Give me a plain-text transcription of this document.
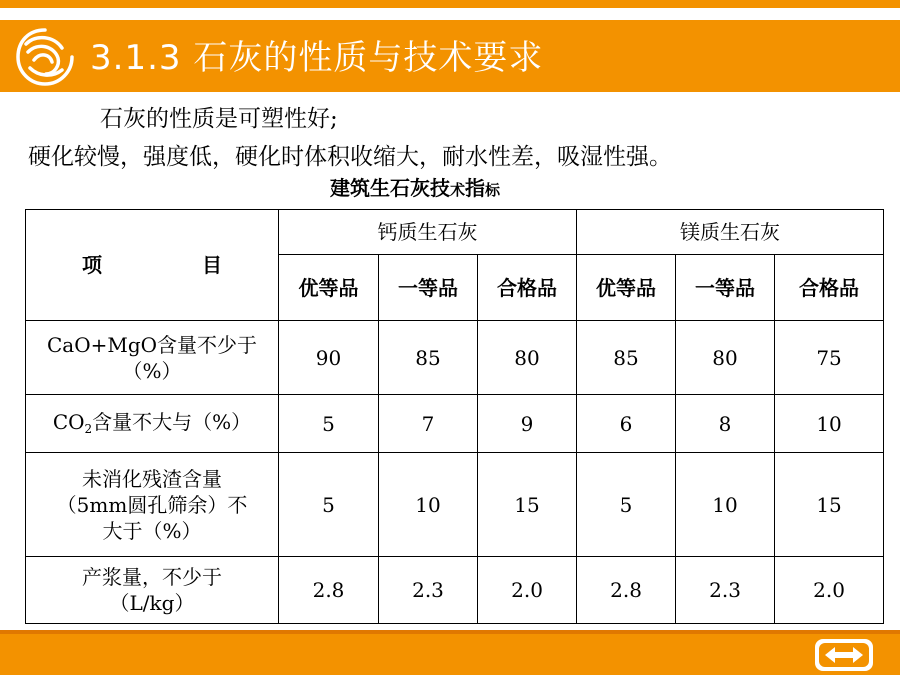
3.1.3 石灰的性质与技术要求
石灰的性质是可塑性好;
硬化较慢，强度低，硬化时体积收缩大，耐水性差，吸湿性强。
建筑生石灰技术指标
项 目	钙质生石灰			镁质生石灰		
	优等品	一等品	合格品	优等品	一等品	合格品

CaO+MgO含量不少于
（%）	90	85	80	85	80	75
$CO_2$含量不大与（%）	5	7	9	6	8	10

未消化残渣含量
（5mm圆孔筛余）不
大于（%）	5	10	15	5	10	15

产浆量，不少于
（L/kg）	2.8	2.3	2.0	2.8	2.3	2.0
